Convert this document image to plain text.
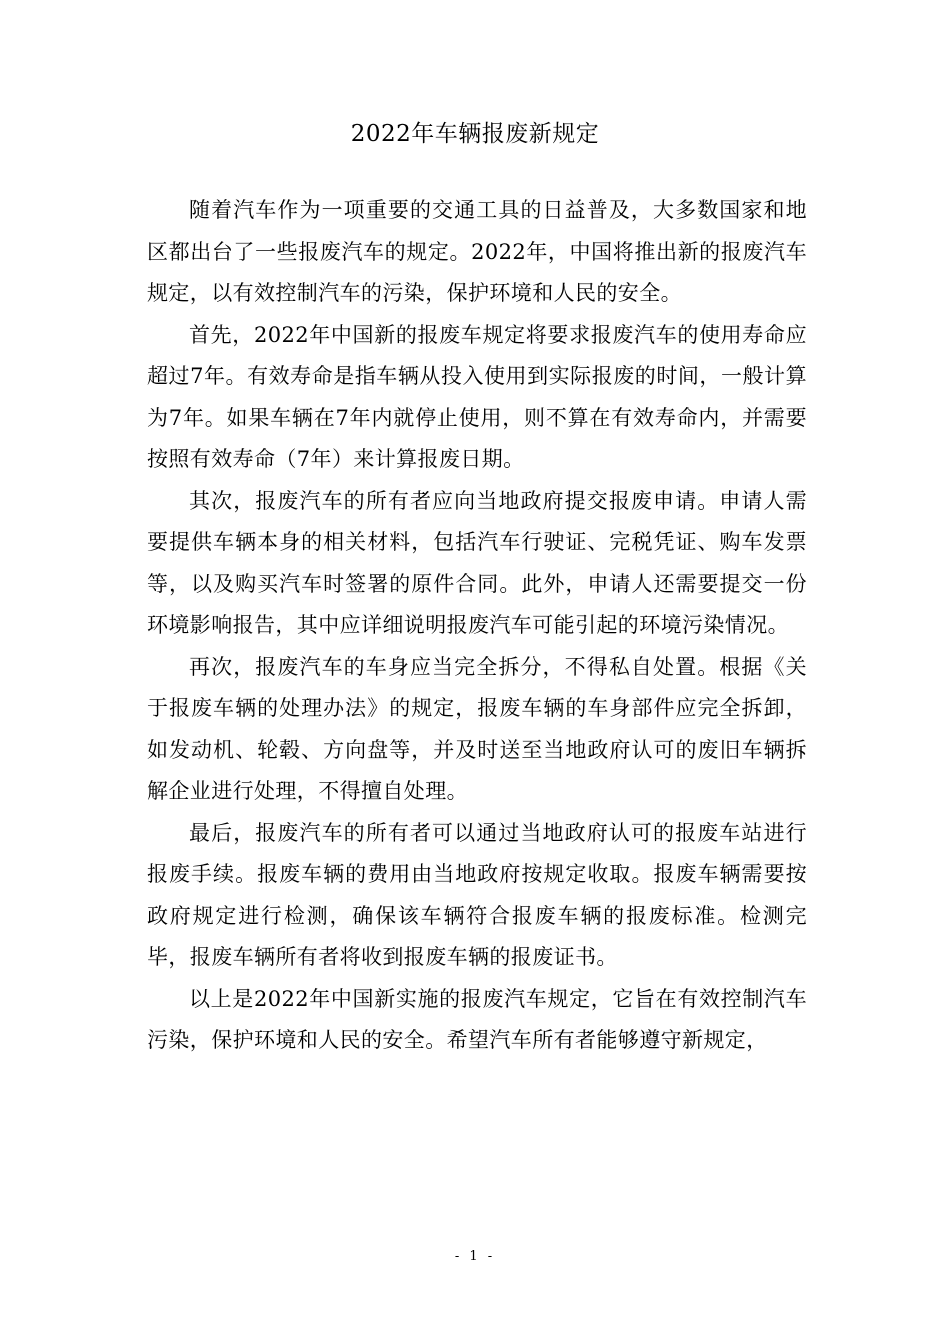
2022年车辆报废新规定

随着汽车作为一项重要的交通工具的日益普及，大多数国家和地区都出台了一些报废汽车的规定。2022年，中国将推出新的报废汽车规定，以有效控制汽车的污染，保护环境和人民的安全。

首先，2022年中国新的报废车规定将要求报废汽车的使用寿命应超过7年。有效寿命是指车辆从投入使用到实际报废的时间，一般计算为7年。如果车辆在7年内就停止使用，则不算在有效寿命内，并需要按照有效寿命（7年）来计算报废日期。

其次，报废汽车的所有者应向当地政府提交报废申请。申请人需要提供车辆本身的相关材料，包括汽车行驶证、完税凭证、购车发票等，以及购买汽车时签署的原件合同。此外，申请人还需要提交一份环境影响报告，其中应详细说明报废汽车可能引起的环境污染情况。

再次，报废汽车的车身应当完全拆分，不得私自处置。根据《关于报废车辆的处理办法》的规定，报废车辆的车身部件应完全拆卸，如发动机、轮毂、方向盘等，并及时送至当地政府认可的废旧车辆拆解企业进行处理，不得擅自处理。

最后，报废汽车的所有者可以通过当地政府认可的报废车站进行报废手续。报废车辆的费用由当地政府按规定收取。报废车辆需要按政府规定进行检测，确保该车辆符合报废车辆的报废标准。检测完毕，报废车辆所有者将收到报废车辆的报废证书。

以上是2022年中国新实施的报废汽车规定，它旨在有效控制汽车污染，保护环境和人民的安全。希望汽车所有者能够遵守新规定，

- 1 -
